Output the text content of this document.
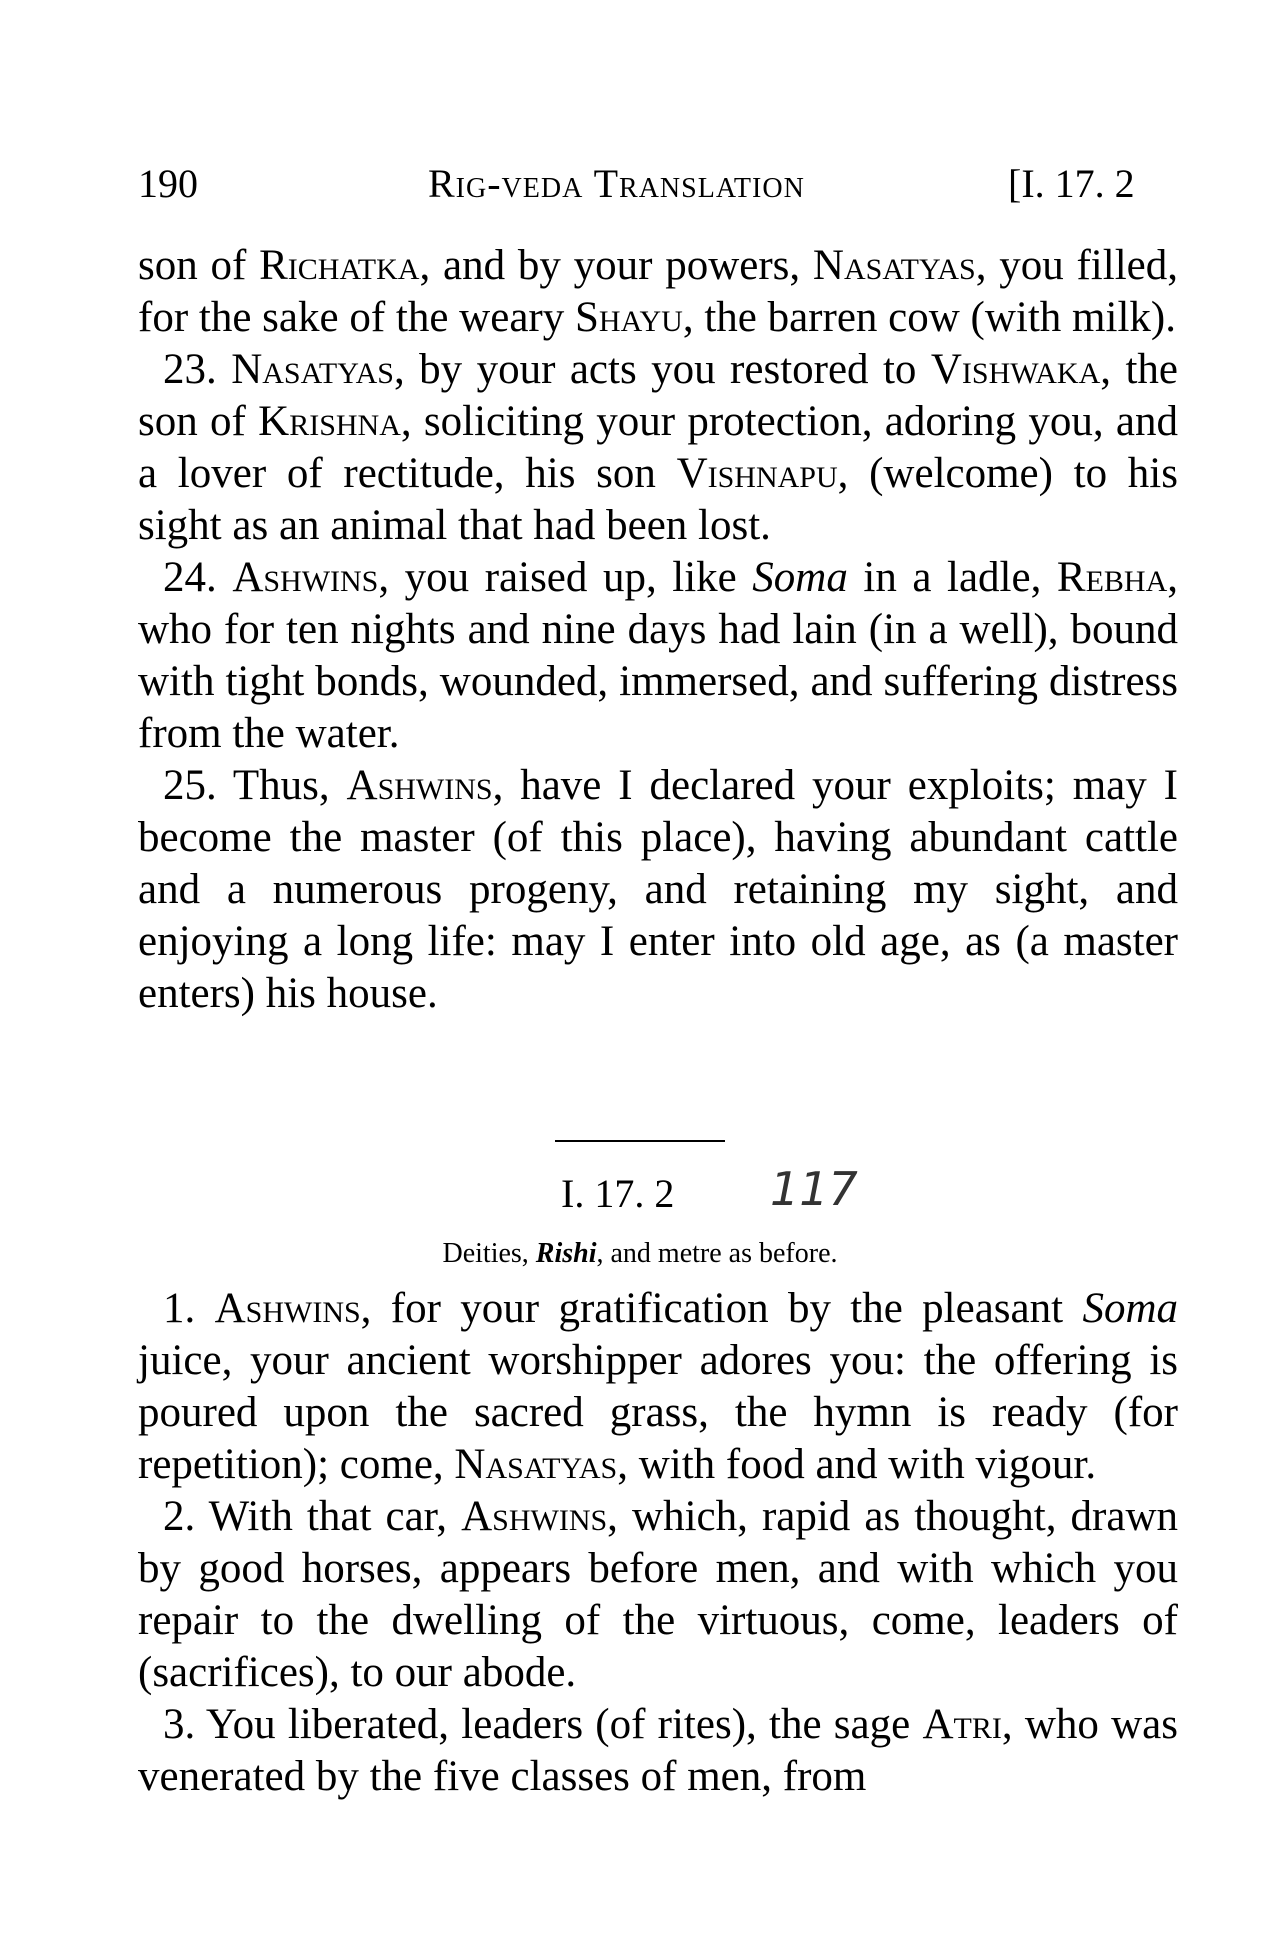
190	Rig-veda Translation	[I. 17. 2

son of Richatka, and by your powers, Nasatyas, you filled, for the sake of the weary Shayu, the barren cow (with milk).

23. Nasatyas, by your acts you restored to Vishwaka, the son of Krishna, soliciting your protection, adoring you, and a lover of rectitude, his son Vishnapu, (welcome) to his sight as an animal that had been lost.

24. Ashwins, you raised up, like Soma in a ladle, Rebha, who for ten nights and nine days had lain (in a well), bound with tight bonds, wounded, immersed, and suffering distress from the water.

25. Thus, Ashwins, have I declared your exploits; may I become the master (of this place), having abundant cattle and a numerous progeny, and retaining my sight, and enjoying a long life: may I enter into old age, as (a master enters) his house.

I. 17. 2 117
Deities, Rishi, and metre as before.

1. Ashwins, for your gratification by the pleasant Soma juice, your ancient worshipper adores you: the offering is poured upon the sacred grass, the hymn is ready (for repetition); come, Nasatyas, with food and with vigour.

2. With that car, Ashwins, which, rapid as thought, drawn by good horses, appears before men, and with which you repair to the dwelling of the virtuous, come, leaders of (sacrifices), to our abode.

3. You liberated, leaders (of rites), the sage Atri, who was venerated by the five classes of men, from
